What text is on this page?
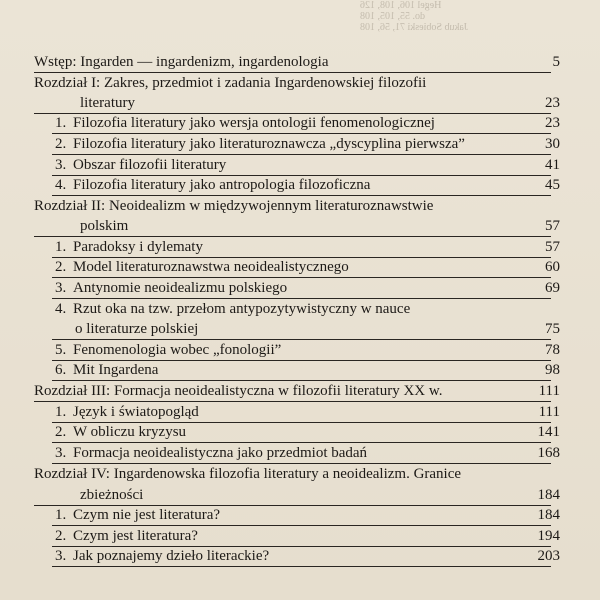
Hegel 106, 108, 126
do. 55, 105, 108
Jakub Sobieski 71, 56, 108
Wstęp: Ingarden — ingardenizm, ingardenologia	5
Rozdział I: Zakres, przedmiot i zadania Ingardenowskiej filozofii
literatury	23
1. Filozofia literatury jako wersja ontologii fenomenologicznej	23
2. Filozofia literatury jako literaturoznawcza „dyscyplina pierwsza”	30
3. Obszar filozofii literatury	41
4. Filozofia literatury jako antropologia filozoficzna	45
Rozdział II: Neoidealizm w międzywojennym literaturoznawstwie
polskim	57
1. Paradoksy i dylematy	57
2. Model literaturoznawstwa neoidealistycznego	60
3. Antynomie neoidealizmu polskiego	69
4. Rzut oka na tzw. przełom antypozytywistyczny w nauce
o literaturze polskiej	75
5. Fenomenologia wobec „fonologii”	78
6. Mit Ingardena	98
Rozdział III: Formacja neoidealistyczna w filozofii literatury XX w.	111
1. Język i światopogląd	111
2. W obliczu kryzysu	141
3. Formacja neoidealistyczna jako przedmiot badań	168
Rozdział IV: Ingardenowska filozofia literatury a neoidealizm. Granice
zbieżności	184
1. Czym nie jest literatura?	184
2. Czym jest literatura?	194
3. Jak poznajemy dzieło literackie?	203
